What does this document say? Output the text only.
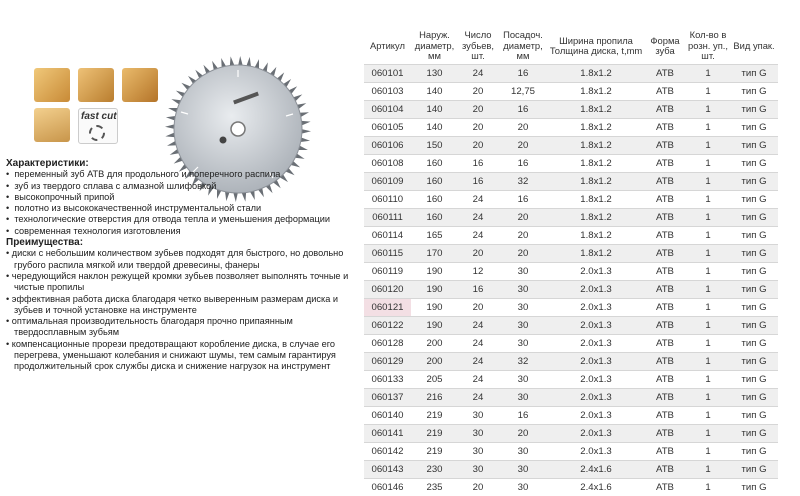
fast cut
Характеристики:
•  переменный зуб АТВ для продольного и поперечного распила
•  зуб из твердого сплава с алмазной шлифовкой
•  высокопрочный припой
•  полотно из высококачественной инструментальной стали
•  технологические отверстия для отвода тепла и уменьшения деформации
•  современная технология изготовления
Преимущества:
• диски с небольшим количеством зубьев подходят для быстрого, но довольно грубого распила мягкой или твердой древесины, фанеры
• чередующийся наклон режущей кромки зубьев позволяет выполнять точные и чистые пропилы
• эффективная работа диска благодаря четко выверенным размерам диска и зубьев и точной установке на инструменте
• оптимальная производительность благодаря прочно припаянным твердосплавным зубьям
• компенсационные прорези предотвращают коробление диска, в случае его перегрева, уменьшают колебания и снижают шумы, тем самым гарантируя продолжительный срок службы диска и снижение нагрузок на инструмент
Артикул	Наруж. диаметр, мм	Число зубьев, шт.	Посадоч. диаметр, мм	Ширина пропила Толщина диска, t,mm	Форма зуба	Кол-во в розн. уп., шт.	Вид упак.
060101	130	24	16	1.8x1.2	ATB	1	тип G
060103	140	20	12,75	1.8x1.2	ATB	1	тип G
060104	140	20	16	1.8x1.2	ATB	1	тип G
060105	140	20	20	1.8x1.2	ATB	1	тип G
060106	150	20	20	1.8x1.2	ATB	1	тип G
060108	160	16	16	1.8x1.2	ATB	1	тип G
060109	160	16	32	1.8x1.2	ATB	1	тип G
060110	160	24	16	1.8x1.2	ATB	1	тип G
060111	160	24	20	1.8x1.2	ATB	1	тип G
060114	165	24	20	1.8x1.2	ATB	1	тип G
060115	170	20	20	1.8x1.2	ATB	1	тип G
060119	190	12	30	2.0x1.3	ATB	1	тип G
060120	190	16	30	2.0x1.3	ATB	1	тип G
060121	190	20	30	2.0x1.3	ATB	1	тип G
060122	190	24	30	2.0x1.3	ATB	1	тип G
060128	200	24	30	2.0x1.3	ATB	1	тип G
060129	200	24	32	2.0x1.3	ATB	1	тип G
060133	205	24	30	2.0x1.3	ATB	1	тип G
060137	216	24	30	2.0x1.3	ATB	1	тип G
060140	219	30	16	2.0x1.3	ATB	1	тип G
060141	219	30	20	2.0x1.3	ATB	1	тип G
060142	219	30	30	2.0x1.3	ATB	1	тип G
060143	230	30	30	2.4x1.6	ATB	1	тип G
060146	235	20	30	2.4x1.6	ATB	1	тип G
